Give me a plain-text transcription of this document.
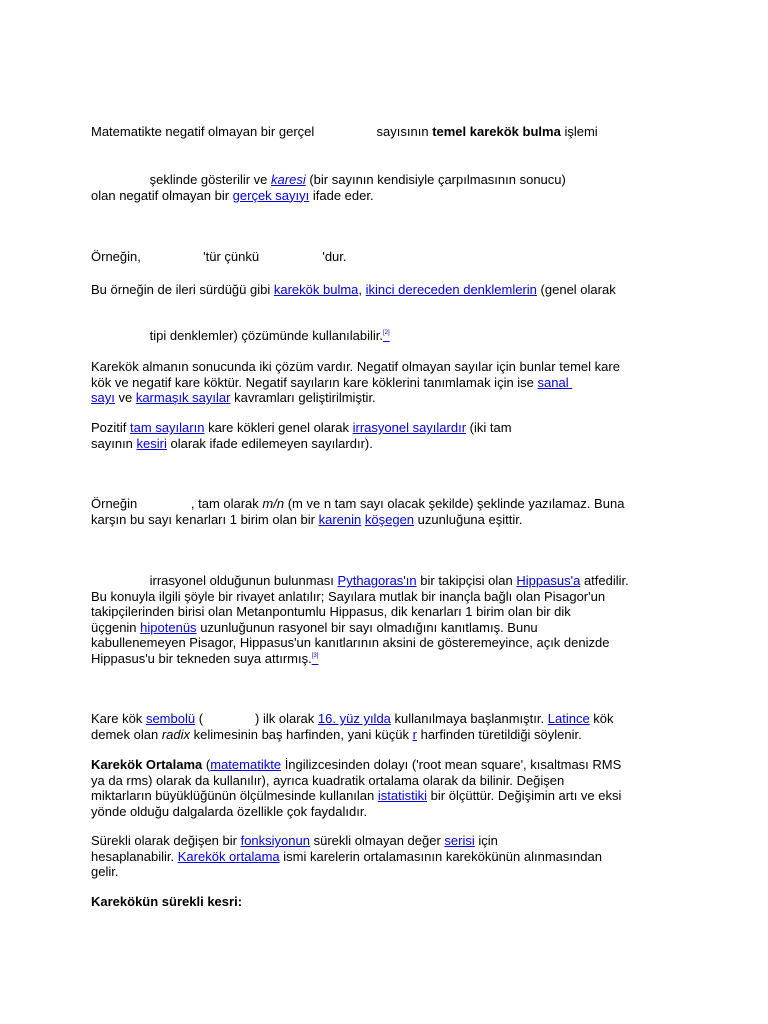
Matematikte negatif olmayan bir gerçel	sayısının temel karekök bulma işlemi
şeklinde gösterilir ve karesi (bir sayının kendisiyle çarpılmasının sonucu)
olan negatif olmayan bir gerçek sayıyı ifade eder.
Örneğin,	'tür çünkü	'dur.
Bu örneğin de ileri sürdüğü gibi karekök bulma, ikinci dereceden denklemlerin (genel olarak
tipi denklemler) çözümünde kullanılabilir.[2]
Karekök almanın sonucunda iki çözüm vardır. Negatif olmayan sayılar için bunlar temel kare
kök ve negatif kare köktür. Negatif sayıların kare köklerini tanımlamak için ise sanal
sayı ve karmaşık sayılar kavramları geliştirilmiştir.
Pozitif tam sayıların kare kökleri genel olarak irrasyonel sayılardır (iki tam
sayının kesiri olarak ifade edilemeyen sayılardır).
Örneğin	, tam olarak m/n (m ve n tam sayı olacak şekilde) şeklinde yazılamaz. Buna
karşın bu sayı kenarları 1 birim olan bir karenin köşegen uzunluğuna eşittir.
irrasyonel olduğunun bulunması Pythagoras'ın bir takipçisi olan Hippasus'a atfedilir.
Bu konuyla ilgili şöyle bir rivayet anlatılır; Sayılara mutlak bir inançla bağlı olan Pisagor'un
takipçilerinden birisi olan Metanpontumlu Hippasus, dik kenarları 1 birim olan bir dik
üçgenin hipotenüs uzunluğunun rasyonel bir sayı olmadığını kanıtlamış. Bunu
kabullenemeyen Pisagor, Hippasus'un kanıtlarının aksini de gösteremeyince, açık denizde
Hippasus'u bir tekneden suya attırmış.[3]
Kare kök sembolü (	) ilk olarak 16. yüz yılda kullanılmaya başlanmıştır. Latince kök
demek olan radix kelimesinin baş harfinden, yani küçük r harfinden türetildiği söylenir.
Karekök Ortalama (matematikte İngilizcesinden dolayı ('root mean square', kısaltması RMS
ya da rms) olarak da kullanılır), ayrıca kuadratik ortalama olarak da bilinir. Değişen
miktarların büyüklüğünün ölçülmesinde kullanılan istatistiki bir ölçüttür. Değişimin artı ve eksi
yönde olduğu dalgalarda özellikle çok faydalıdır.
Sürekli olarak değişen bir fonksiyonun sürekli olmayan değer serisi için
hesaplanabilir. Karekök ortalama ismi karelerin ortalamasının karekökünün alınmasından
gelir.
Karekökün sürekli kesri:
